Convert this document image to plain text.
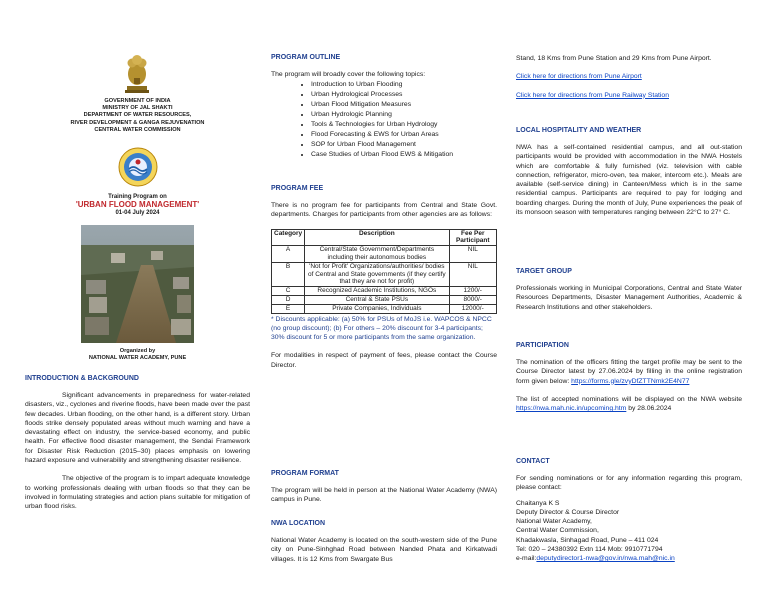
GOVERNMENT OF INDIA
MINISTRY OF JAL SHAKTI
DEPARTMENT OF WATER RESOURCES,
RIVER DEVELOPMENT & GANGA REJUVENATION
CENTRAL WATER COMMISSION
Training Program on
'URBAN FLOOD MANAGEMENT'
01-04 July 2024
Organized by
NATIONAL WATER ACADEMY, PUNE

INTRODUCTION & BACKGROUND

Significant advancements in preparedness for water-related disasters, viz., cyclones and riverine floods, have been made over the past few decades. Urban flooding, on the other hand, is a different story. Urban floods strike densely populated areas without much warning and have a devastating effect on industry, the service-based economy, and public health. For effective flood disaster management, the Sendai Framework for Disaster Risk Reduction (2015–30) places emphasis on lowering hazard exposure and vulnerability and strengthening disaster resilience.

The objective of the program is to impart adequate knowledge to working professionals dealing with urban floods so that they can be involved in formulating strategies and action plans suitable for mitigation of urban flood risks.

PROGRAM OUTLINE

The program will broadly cover the following topics:

• Introduction to Urban Flooding
• Urban Hydrological Processes
• Urban Flood Mitigation Measures
• Urban Hydrologic Planning
• Tools & Technologies for Urban Hydrology
• Flood Forecasting & EWS for Urban Areas
• SOP for Urban Flood Management
• Case Studies of Urban Flood EWS & Mitigation

PROGRAM FEE

There is no program fee for participants from Central and State Govt. departments. Charges for participants from other agencies are as follows:

Category	Description	Fee Per Participant
A	Central/State Government/Departments including their autonomous bodies	NIL
B	'Not for Profit' Organizations/authorities/ bodies of Central and State governments (if they certify that they are not for profit)	NIL
C	Recognized Academic Institutions, NGOs	1200/-
D	Central & State PSUs	8000/-
E	Private Companies, Individuals	12000/-

* Discounts applicable: (a) 50% for PSUs of MoJS i.e. WAPCOS & NPCC (no group discount); (b) For others – 20% discount for 3-4 participants; 30% discount for 5 or more participants from the same organization.

For modalities in respect of payment of fees, please contact the Course Director.

PROGRAM FORMAT

The program will be held in person at the National Water Academy (NWA) campus in Pune.

NWA LOCATION

National Water Academy is located on the south-western side of the Pune city on Pune-Sinhghad Road between Nanded Phata and Kirkatwadi villages. It is 12 Kms from Swargate Bus

Stand, 18 Kms from Pune Station and 29 Kms from Pune Airport.

Click here for directions from Pune Airport

Click here for directions from Pune Railway Station

LOCAL HOSPITALITY AND WEATHER

NWA has a self-contained residential campus, and all out-station participants would be provided with accommodation in the NWA Hostels which are comfortable & fully furnished (viz. television with cable connection, refrigerator, micro-oven, tea maker, intercom etc.). Meals are available (self-service dining) in Canteen/Mess which is in the same residential campus. Participants are required to pay for lodging and boarding charges. During the month of July, Pune experiences the peak of its monsoon season with temperatures ranging between 22°C to 27° C.

TARGET GROUP

Professionals working in Municipal Corporations, Central and State Water Resources Departments, Disaster Management Authorities, Academic & Research Institutions and other stakeholders.

PARTICIPATION

The nomination of the officers fitting the target profile may be sent to the Course Director latest by 27.06.2024 by filling in the online registration form given below: https://forms.gle/zvyDfZTTNmk2E4N77

The list of accepted nominations will be displayed on the NWA website https://nwa.mah.nic.in/upcoming.htm by 28.06.2024

CONTACT

For sending nominations or for any information regarding this program, please contact:

Chaitanya K S
Deputy Director & Course Director
National Water Academy,
Central Water Commission,
Khadakwasla, Sinhagad Road, Pune – 411 024
Tel: 020 – 24380392 Extn 114 Mob: 9910771794
e-mail:deputydirector1-nwa@gov.in/nwa.mah@nic.in
